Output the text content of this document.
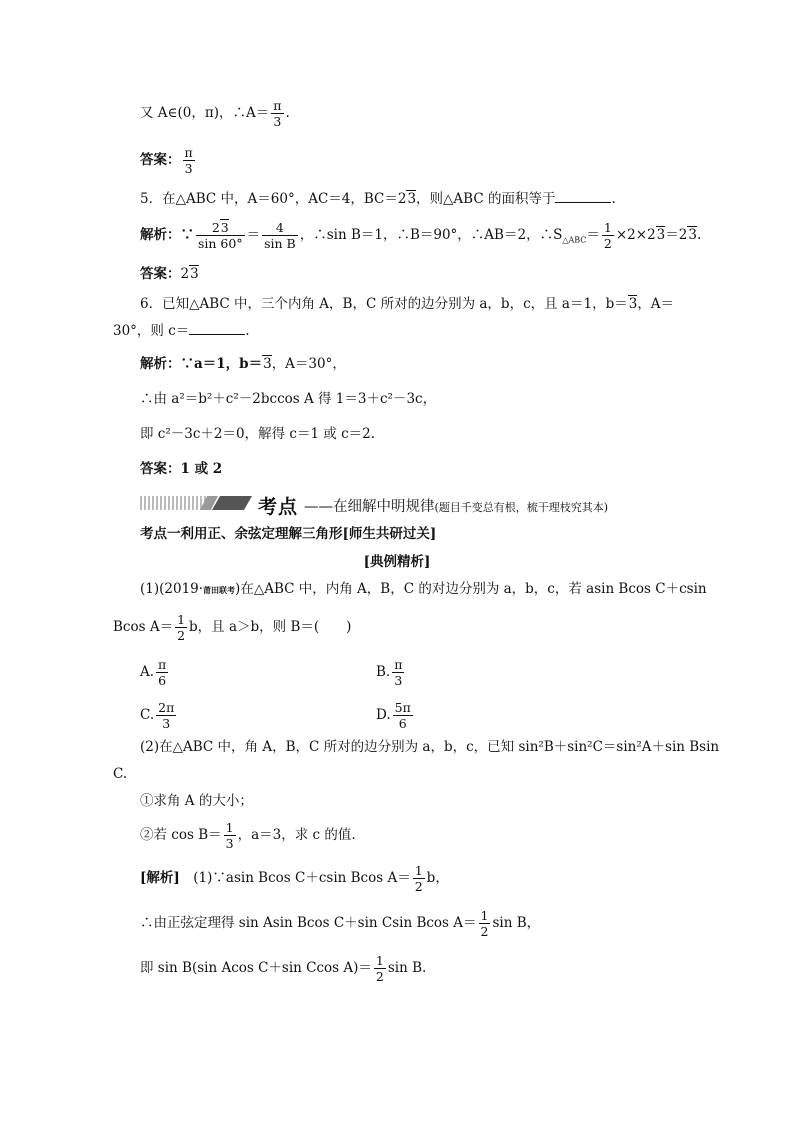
又 A∈(0，π)，∴A＝ $\frac{\pi}{3}$ .
答案： $\frac{\pi}{3}$
5．在△ABC 中，A＝60°，AC＝4，BC＝23，则△ABC 的面积等于	.
解析：∵ $\frac{23}{\sin 60^\circ} = \frac{4}{\text{sin B}}$ ，∴sin B＝1，∴B＝90°，∴AB＝2，$\therefore S_{\triangle ABC}= \frac{1}{2} \times 2\times 23=23$.
答案：23
6．已知△ABC 中，三个内角 A，B，C 所对的边分别为 a，b，c，且 a＝1，b＝3，A＝
30°，则 c＝	.
解析：∵a＝1，b＝3，A＝30°，
∴由 a²＝b²＋c²－2bccos A 得 1＝3＋c²－3c，
即 c²－3c＋2＝0，解得 c＝1 或 c＝2.
答案：1 或 2
考点 ——在细解中明规律(题目千变总有根，梳干理枝究其本)
考点一利用正、余弦定理解三角形[师生共研过关]
[典例精析]
(1)(2019·莆田联考)在△ABC 中，内角 A，B，C 的对边分别为 a，b，c，若 asin Bcos C＋csin
Bcos $A= \frac{1}{2}$ b，且 a＞b，则 B＝(　　)
A. $\frac{\pi}{6}$	B. $\frac{\pi}{3}$
C. $\frac{2\pi}{3}$	D. $\frac{5\pi}{6}$
(2)在△ABC 中，角 A，B，C 所对的边分别为 a，b，c，已知 sin²B＋sin²C＝sin²A＋sin Bsin
C.
①求角 A 的大小；
②若 $\cos B= \frac{1}{3}$ ，a＝3，求 c 的值.
[解析]　(1)∵asin Bcos C＋csin Bcos $A= \frac{1}{2}$ b，
∴由正弦定理得 sin Asin Bcos C＋sin Csin Bcos $A= \frac{1}{2}$ sin B，
即 sin B(sin Acos C＋sin Ccos $A)= \frac{1}{2}$ sin B.
